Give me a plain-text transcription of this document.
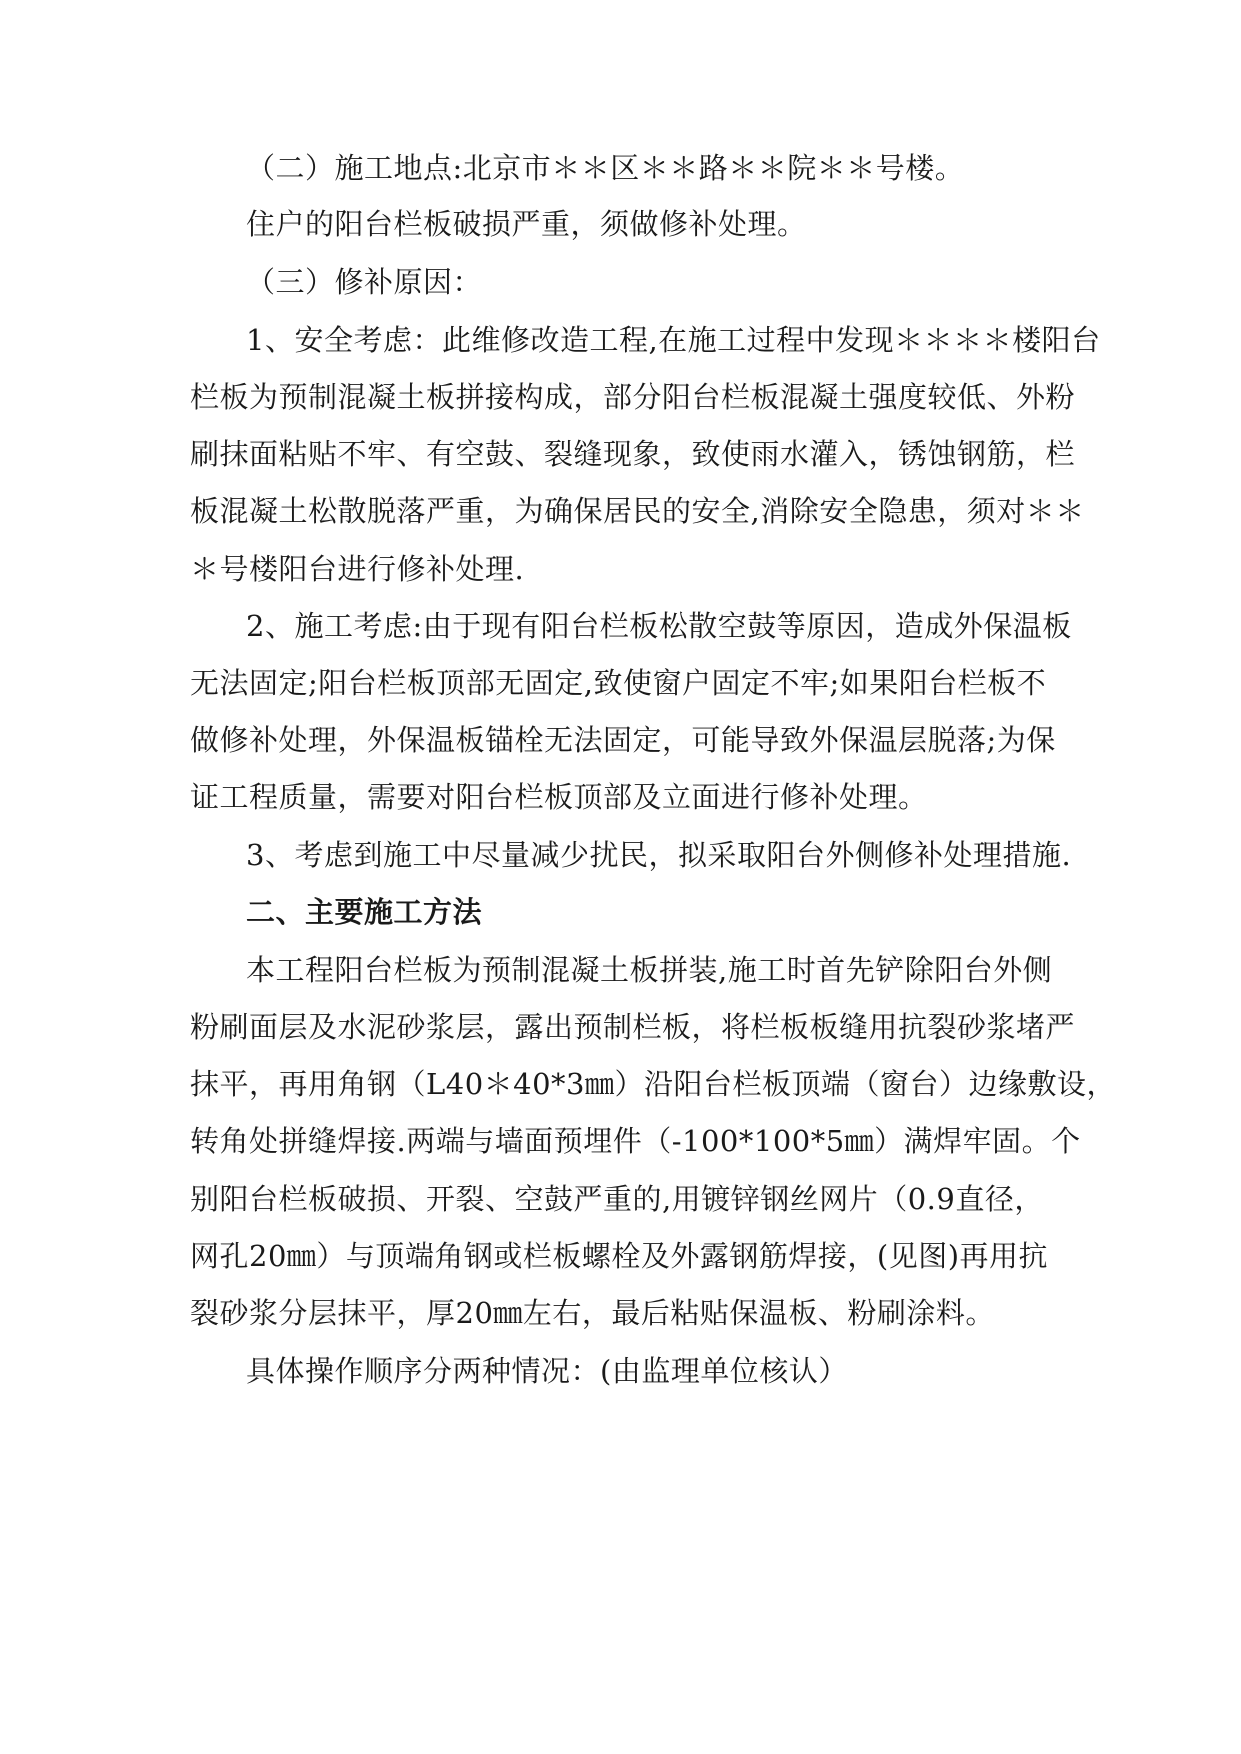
（二）施工地点:北京市＊＊区＊＊路＊＊院＊＊号楼。
住户的阳台栏板破损严重，须做修补处理。
（三）修补原因：
1、安全考虑：此维修改造工程,在施工过程中发现＊＊＊＊楼阳台
栏板为预制混凝土板拼接构成，部分阳台栏板混凝土强度较低、外粉
刷抹面粘贴不牢、有空鼓、裂缝现象，致使雨水灌入，锈蚀钢筋，栏
板混凝土松散脱落严重，为确保居民的安全,消除安全隐患，须对＊＊
＊号楼阳台进行修补处理.
2、施工考虑:由于现有阳台栏板松散空鼓等原因，造成外保温板
无法固定;阳台栏板顶部无固定,致使窗户固定不牢;如果阳台栏板不
做修补处理，外保温板锚栓无法固定，可能导致外保温层脱落;为保
证工程质量，需要对阳台栏板顶部及立面进行修补处理。
3、考虑到施工中尽量减少扰民，拟采取阳台外侧修补处理措施.
二、主要施工方法
本工程阳台栏板为预制混凝土板拼装,施工时首先铲除阳台外侧
粉刷面层及水泥砂浆层，露出预制栏板，将栏板板缝用抗裂砂浆堵严
抹平，再用角钢（L40＊40*3㎜）沿阳台栏板顶端（窗台）边缘敷设，
转角处拼缝焊接.两端与墙面预埋件（-100*100*5㎜）满焊牢固。个
别阳台栏板破损、开裂、空鼓严重的,用镀锌钢丝网片（0.9直径，
网孔20㎜）与顶端角钢或栏板螺栓及外露钢筋焊接，(见图)再用抗
裂砂浆分层抹平，厚20㎜左右，最后粘贴保温板、粉刷涂料。
具体操作顺序分两种情况：(由监理单位核认）
